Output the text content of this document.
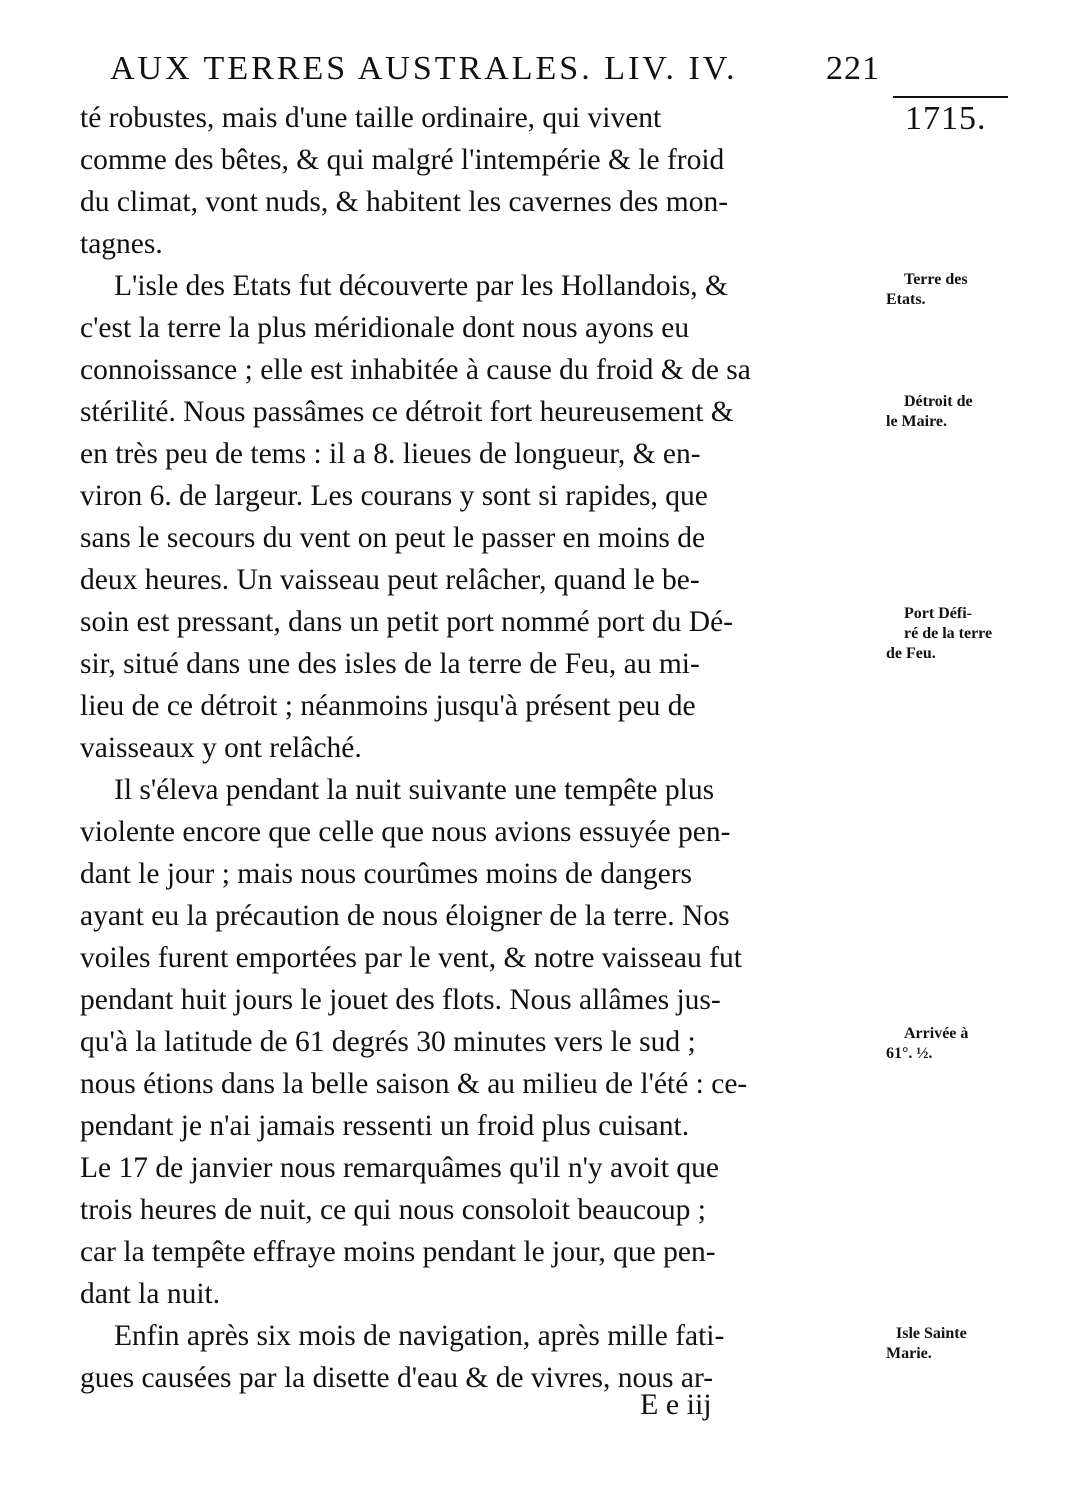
AUX TERRES AUSTRALES. LIV. IV.	221
1715.
té robustes, mais d'une taille ordinaire, qui vivent
comme des bêtes, & qui malgré l'intempérie & le froid
du climat, vont nuds, & habitent les cavernes des mon-
tagnes.
L'isle des Etats fut découverte par les Hollandois, &
c'est la terre la plus méridionale dont nous ayons eu
connoissance ; elle est inhabitée à cause du froid & de sa
stérilité. Nous passâmes ce détroit fort heureusement &
en très peu de tems : il a 8. lieues de longueur, & en-
viron 6. de largeur. Les courans y sont si rapides, que
sans le secours du vent on peut le passer en moins de
deux heures. Un vaisseau peut relâcher, quand le be-
soin est pressant, dans un petit port nommé port du Dé-
sir, situé dans une des isles de la terre de Feu, au mi-
lieu de ce détroit ; néanmoins jusqu'à présent peu de
vaisseaux y ont relâché.
Il s'éleva pendant la nuit suivante une tempête plus
violente encore que celle que nous avions essuyée pen-
dant le jour ; mais nous courûmes moins de dangers
ayant eu la précaution de nous éloigner de la terre. Nos
voiles furent emportées par le vent, & notre vaisseau fut
pendant huit jours le jouet des flots. Nous allâmes jus-
qu'à la latitude de 61 degrés 30 minutes vers le sud ;
nous étions dans la belle saison & au milieu de l'été : ce-
pendant je n'ai jamais ressenti un froid plus cuisant.
Le 17 de janvier nous remarquâmes qu'il n'y avoit que
trois heures de nuit, ce qui nous consoloit beaucoup ;
car la tempête effraye moins pendant le jour, que pen-
dant la nuit.
Enfin après six mois de navigation, après mille fati-
gues causées par la disette d'eau & de vivres, nous ar-
Terre des
Etats.
Détroit de
le Maire.
Port Défi-
ré de la terre
de Feu.
Arrivée à
61°. ½.
Isle Sainte
Marie.
E e iij
